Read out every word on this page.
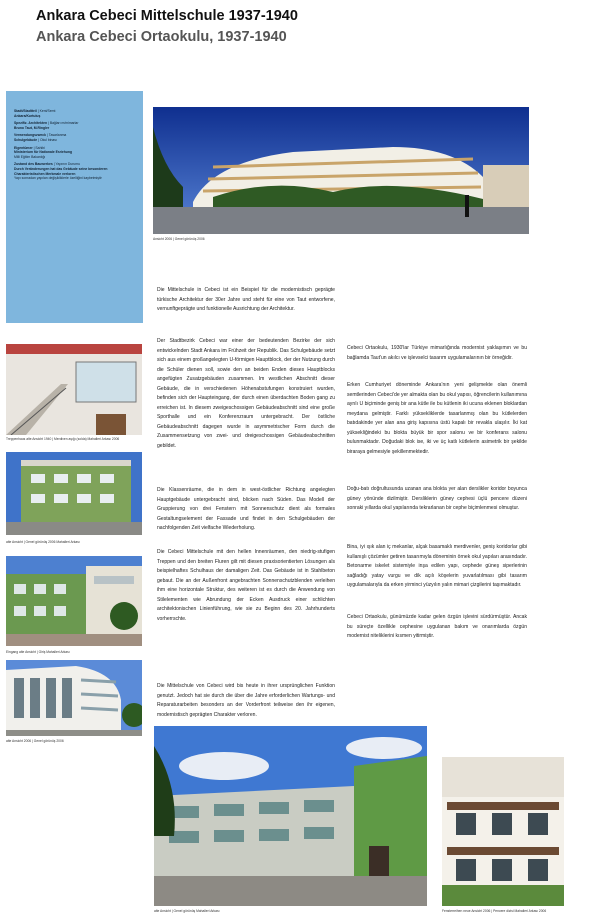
Ankara Cebeci Mittelschule 1937-1940
Ankara Cebeci Ortaokulu, 1937-1940
Stadt/Stadtteil | Kent/Semt
Ankara/Kurtuluş
Spezifiz. Architekten | Bağları m/mimarlar
Bruno Taut, M.Ringler
Verwendungszweck | Tasarlanma
Schulgebäude | Okul binası
Eigentümer | Sahibi
Ministerium für Nationale Erziehung
Milli Eğitim Bakanlığı
Zustand des Bauwerkes | Yapının Durumu
Durch Veränderungen hat das Gebäude seine besonderen Charakteristischen Merkmale verloren
Yapı sonradan yapılan değişikliklerle özelliğini kaybetmiştir
Ansicht 2006 | Genel görünüş 2006
Treppenhaus alte Ansicht 1940 | Merdiven aşığı (solda) Mahalleri Arkası 2006
alte Ansicht | Genel görünüş 2006 Mahalleri Arkası
Eingang alte Ansicht | Giriş Mahalleri Arkası
alte Ansicht 2006 | Genel görünüş 2006
alte Ansicht | Genel görünüş Mahalleri Arkası	Fensterreihen neue Ansicht 2006 | Pencere dizisi Mahalleri Arkası 2006

Die Mittelschule in Cebeci ist ein Beispiel für die modernistisch geprägte türkische Architektur der 30er Jahre und steht für eine von Taut entworfene, vernunftgeprägte und funktionelle Ausrichtung der Architektur.

Der Stadtbezirk Cebeci war einer der bedeutenden Bezirke der sich entwickelnden Stadt Ankara im Frühzeit der Republik. Das Schulgebäude setzt sich aus einem großangelegten U-förmigen Hauptblock, der der Nutzung durch die Schüler dienen soll, sowie den an beiden Enden dieses Hauptblocks angefügten Zusatzgebäuden zusammen. Im westlichen Abschnitt dieser Gebäude, die in verschiedenen Höhenabstufungen konstruiert wurden, befinden sich der Haupteingang, der durch einen überdachten Boden gang zu erreichen ist. In diesem zweigeschossigen Gebäudeabschnitt sind eine große Sporthalle und ein Konferenzraum untergebracht. Der östliche Gebäudeabschnitt dagegen wurde in asymmetrischer Form durch die Zusammensetzung von zwei- und dreigeschossigen Gebäudeabschnitten gebildet.

Die Klassenräume, die in dem in west-östlicher Richtung angelegten Hauptgebäude untergebracht sind, blicken nach Süden. Das Modell der Gruppierung von drei Fenstern mit Sonnenschutz dient als formales Gestaltungselement der Fassade und findet in den Schulgebäuden der nachfolgenden Zeit vielfache Wiederholung.

Die Cebeci Mittelschule mit den hellen Innenräumen, den niedrig-stufigen Treppen und den breiten Fluren gilt mit diesen praxisorientierten Lösungen als beispielhaftes Schulhaus der damaligen Zeit. Das Gebäude ist in Stahlbeton gebaut. Die an der Außenfront angebrachten Sonnenschutzblenden verleihen ihm eine horizontale Struktur, des weiteren ist es durch die Anwendung von Stilelementen wie Abrundung der Ecken Ausdruck einer schlichten architektonischen Linienführung, wie sie zu Beginn des 20. Jahrhunderts vorherrschte.

Die Mittelschule von Cebeci wird bis heute in ihrer ursprünglichen Funktion genutzt. Jedoch hat sie durch die über die Jahre erforderlichen Wartungs- und Reparaturarbeiten besonders an der Vorderfront teilweise den ihr eigenen, modernistisch geprägten Charakter verloren.

Cebeci Ortaokulu, 1930'lar Türkiye mimarlığında modernist yaklaşımın ve bu bağlamda Taut'un akılcı ve işlevselci tasarım uygulamalarının bir örneğidir.

Erken Cumhuriyet döneminde Ankara'nın yeni gelişmekte olan önemli semtlerinden Cebeci'de yer almakta olan bu okul yapısı, öğrencilerin kullanımına ayrılı U biçiminde geniş bir ana kütle ile bu kütlenin iki ucuna eklenen bloklardan meydana gelmiştir. Farklı yüksekliklerde tasarlanmış olan bu kütlelerden batıdakinde yer alan ana giriş kapısına üstü kapalı bir revakla ulaşılır. İki kat yüksekliğindeki bu blokta büyük bir spor salonu ve bir konferans salonu bulunmaktadır. Doğudaki blok ise, iki ve üç katlı kütlelerin asimetrik bir şekilde biraraya gelmesiyle şekillenmektedir.

Doğu-batı doğrultusunda uzanan ana blokta yer alan derslikler koridor boyunca güney yönünde dizilmiştir. Dersliklerin güney cephesi üçlü pencere düzeni sonraki yıllarda okul yapılarında tekrarlanan bir cephe biçimlenmesi olmuştur.

Bina, iyi ışık alan iç mekanlar, alçak basamaklı merdivenler, geniş koridorlar gibi kullanışlı çözümler getiren tasarımıyla döneminin örnek okul yapıları arasındadır. Betonarme iskelet sistemiyle inşa edilen yapı, cephede güneş siperlerinin sağladığı yatay vurgu ve dik açılı köşelerin yuvarlatılması gibi tasarım uygulamalarıyla da erken yirminci yüzyılın yalın mimari çizgilerini taşımaktadır.

Cebeci Ortaokulu, günümüzde kadar gelen özgün işlevini sürdürmüştür. Ancak bu süreçte özellikle cephesine uygulanan bakım ve onarımlarda özgün modernist niteliklerini kısmen yitirmiştir.
